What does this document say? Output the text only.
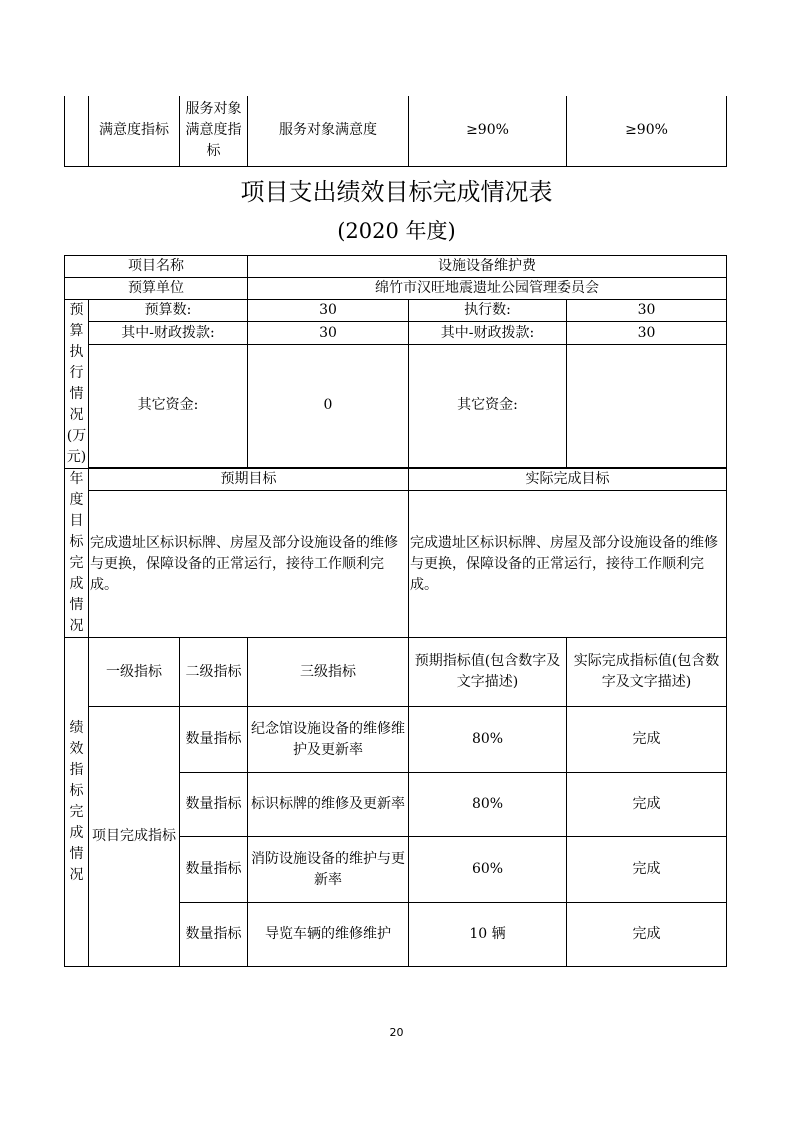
	满意度指标	服务对象满意度指标	服务对象满意度	≥90%	≥90%
项目支出绩效目标完成情况表
(2020 年度)
项目名称			设施设备维护费		
预算单位			绵竹市汉旺地震遗址公园管理委员会		
预算执行情况(万元)	预算数:		30	执行数:	30
	其中-财政拨款:		30	其中-财政拨款:	30
	其它资金:		0	其它资金:	

年度目标完成情况	预期目标			实际完成目标	
	完成遗址区标识标牌、房屋及部分设施设备的维修与更换，保障设备的正常运行，接待工作顺利完成。			完成遗址区标识标牌、房屋及部分设施设备的维修与更换，保障设备的正常运行，接待工作顺利完成。	
绩效指标完成情况	一级指标	二级指标	三级指标	预期指标值(包含数字及文字描述)	实际完成指标值(包含数字及文字描述)
	项目完成指标	数量指标	纪念馆设施设备的维修维护及更新率	80%	完成
		数量指标	标识标牌的维修及更新率	80%	完成
		数量指标	消防设施设备的维护与更新率	60%	完成
		数量指标	导览车辆的维修维护	10 辆	完成
20
